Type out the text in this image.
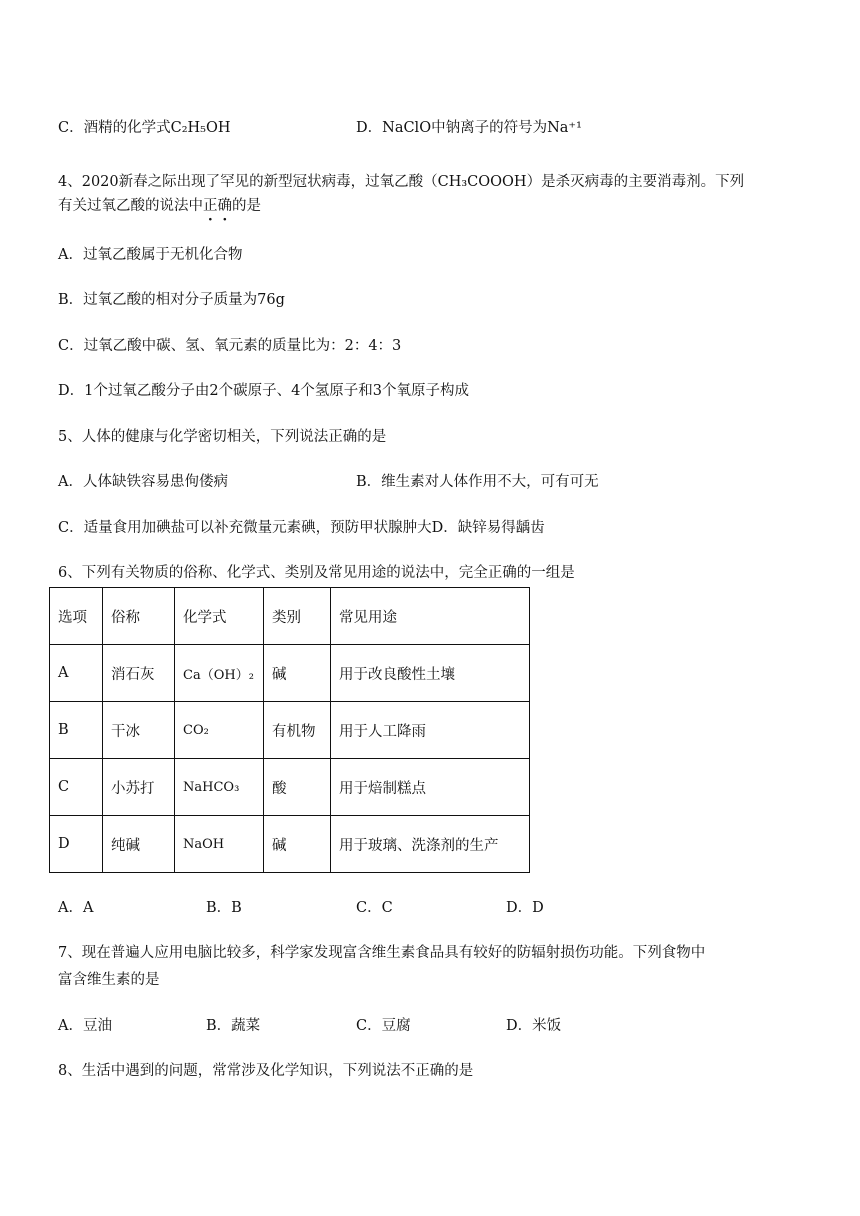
C．酒精的化学式C₂H₅OH	D．NaClO中钠离子的符号为Na⁺¹
4、2020新春之际出现了罕见的新型冠状病毒，过氧乙酸（CH₃COOOH）是杀灭病毒的主要消毒剂。下列
有关过氧乙酸的说法中正确的是
A．过氧乙酸属于无机化合物
B．过氧乙酸的相对分子质量为76g
C．过氧乙酸中碳、氢、氧元素的质量比为：2：4：3
D．1个过氧乙酸分子由2个碳原子、4个氢原子和3个氧原子构成
5、人体的健康与化学密切相关，下列说法正确的是
A．人体缺铁容易患佝偻病	B．维生素对人体作用不大，可有可无
C．适量食用加碘盐可以补充微量元素碘，预防甲状腺肿大D．缺锌易得龋齿
6、下列有关物质的俗称、化学式、类别及常见用途的说法中，完全正确的一组是
选项	俗称	化学式	类别	常见用途
A	消石灰	Ca（OH）₂	碱	用于改良酸性土壤
B	干冰	CO₂	有机物	用于人工降雨
C	小苏打	NaHCO₃	酸	用于焙制糕点
D	纯碱	NaOH	碱	用于玻璃、洗涤剂的生产
A．A	B．B	C．C	D．D
7、现在普遍人应用电脑比较多，科学家发现富含维生素食品具有较好的防辐射损伤功能。下列食物中
富含维生素的是
A．豆油	B．蔬菜	C．豆腐	D．米饭
8、生活中遇到的问题，常常涉及化学知识，下列说法不正确的是
